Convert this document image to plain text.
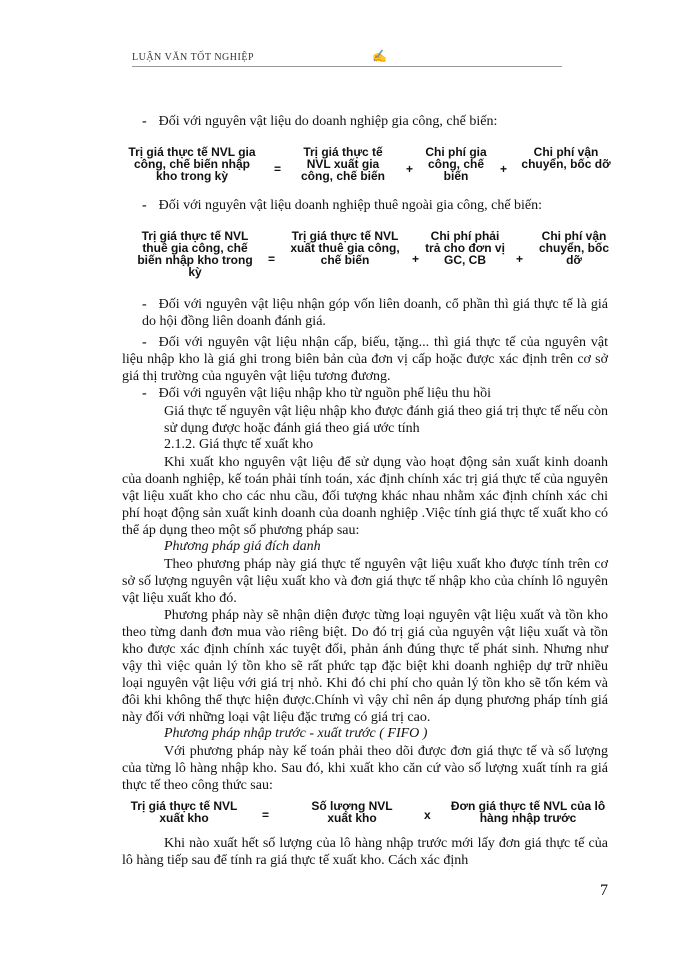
LUẬN VĂN TỐT NGHIỆP	✍
- Đối với nguyên vật liệu do doanh nghiệp gia công, chế biến:
Trị giá thực tế NVL gia công, chế biến nhập kho trong kỳ	=
Trị giá thực tế NVL xuất gia công, chế biến	+
Chi phí gia công, chế biến	+
Chi phí vận chuyển, bốc dỡ
- Đối với nguyên vật liệu doanh nghiệp thuê ngoài gia công, chế biến:
Trị giá thực tế NVL thuê gia công, chế biến nhập kho trong kỳ
=
Trị giá thực tế NVL xuất thuê gia công, chế biến	+
Chi phí phải trả cho đơn vị GC, CB	+
Chi phí vận chuyển, bốc dỡ
- Đối với nguyên vật liệu nhận góp vốn liên doanh, cổ phần thì giá thực tế là giá do hội đồng liên doanh đánh giá.
- Đối với nguyên vật liệu nhận cấp, biếu, tặng... thì giá thực tế của nguyên vật liệu nhập kho là giá ghi trong biên bản của đơn vị cấp hoặc được xác định trên cơ sở giá thị trường của nguyên vật liệu tương đương.
- Đối với nguyên vật liệu nhập kho từ nguồn phế liệu thu hồi
Giá thực tế nguyên vật liệu nhập kho được đánh giá theo giá trị thực tế nếu còn sử dụng được hoặc đánh giá theo giá ước tính
2.1.2. Giá thực tế xuất kho
Khi xuất kho nguyên vật liệu để sử dụng vào hoạt động sản xuất kinh doanh của doanh nghiệp, kế toán phải tính toán, xác định chính xác trị giá thực tế của nguyên vật liệu xuất kho cho các nhu cầu, đối tượng khác nhau nhằm xác định chính xác chi phí hoạt động sản xuất kinh doanh của doanh nghiệp .Việc tính giá thực tế xuất kho có thể áp dụng theo một số phương pháp sau:
Phương pháp giá đích danh
Theo phương pháp này giá thực tế nguyên vật liệu xuất kho được tính trên cơ sở số lượng nguyên vật liệu xuất kho và đơn giá thực tế nhập kho của chính lô nguyên vật liệu xuất kho đó.
Phương pháp này sẽ nhận diện được từng loại nguyên vật liệu xuất và tồn kho theo từng danh đơn mua vào riêng biệt. Do đó trị giá của nguyên vật liệu xuất và tồn kho được xác định chính xác tuyệt đối, phản ánh đúng thực tế phát sinh. Nhưng như vậy thì việc quản lý tồn kho sẽ rất phức tạp đặc biệt khi doanh nghiệp dự trữ nhiều loại nguyên vật liệu với giá trị nhỏ. Khi đó chi phí cho quản lý tồn kho sẽ tốn kém và đôi khi không thể thực hiện được.Chính vì vậy chỉ nên áp dụng phương pháp tính giá này đối với những loại vật liệu đặc trưng có giá trị cao.
Phương pháp nhập trước - xuất trước ( FIFO )
Với phương pháp này kế toán phải theo dõi được đơn giá thực tế và số lượng của từng lô hàng nhập kho. Sau đó, khi xuất kho căn cứ vào số lượng xuất tính ra giá thực tế theo công thức sau:
Trị giá thực tế NVL xuất kho	=
Số lượng NVL xuất kho	x
Đơn giá thực tế NVL của lô hàng nhập trước
Khi nào xuất hết số lượng của lô hàng nhập trước mới lấy đơn giá thực tế của lô hàng tiếp sau để tính ra giá thực tế xuất kho. Cách xác định
7
